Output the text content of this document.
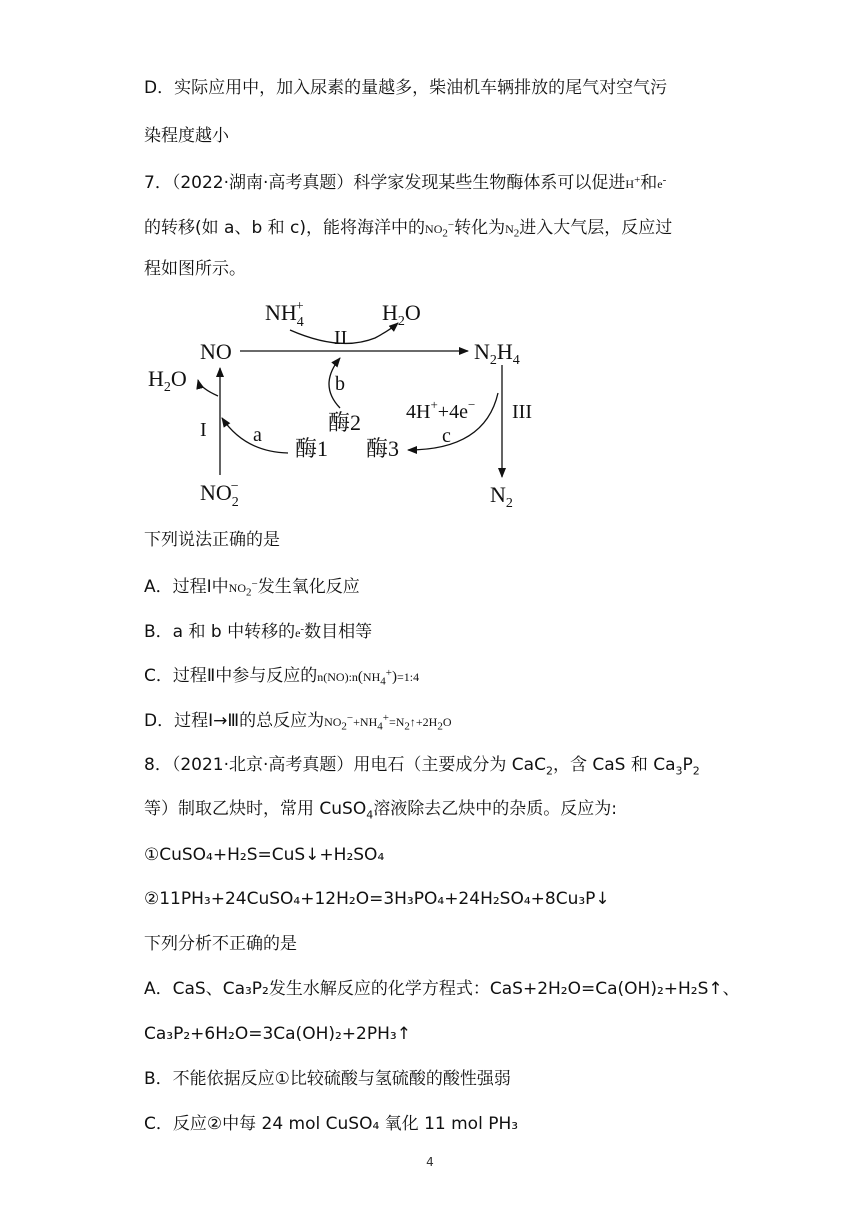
D．实际应用中，加入尿素的量越多，柴油机车辆排放的尾气对空气污
染程度越小
7．（2022·湖南·高考真题）科学家发现某些生物酶体系可以促进H+和e-
的转移(如 a、b 和 c)，能将海洋中的$NO_2^-$转化为$N_2$进入大气层，反应过
程如图所示。
$NH_4+$
II
$H_2O$
NO	$N_2H_4$
$H_2O$	b
酶2 4H++4e− III
I a
酶1 酶3 c
$NO_2-$	$N_2$
下列说法正确的是
A．过程Ⅰ中$NO_2^-$发生氧化反应
B．a 和 b 中转移的e-数目相等
C．过程Ⅱ中参与反应的$n(NO):n(NH_4^+)=1:4$
D．过程Ⅰ→Ⅲ的总反应为$NO_2^-+NH_4^+=N_2↑+2H_2O$
8．（2021·北京·高考真题）用电石（主要成分为 CaC$_2$，含 CaS 和 $Ca_3P_2$
等）制取乙炔时，常用 CuSO$_4$溶液除去乙炔中的杂质。反应为:
①CuSO₄+H₂S=CuS↓+H₂SO₄
②11PH₃+24CuSO₄+12H₂O=3H₃PO₄+24H₂SO₄+8Cu₃P↓
下列分析不正确的是
A．CaS、Ca₃P₂发生水解反应的化学方程式：CaS+2H₂O=Ca(OH)₂+H₂S↑、
Ca₃P₂+6H₂O=3Ca(OH)₂+2PH₃↑
B．不能依据反应①比较硫酸与氢硫酸的酸性强弱
C．反应②中每 24 mol CuSO₄ 氧化 11 mol PH₃
4
